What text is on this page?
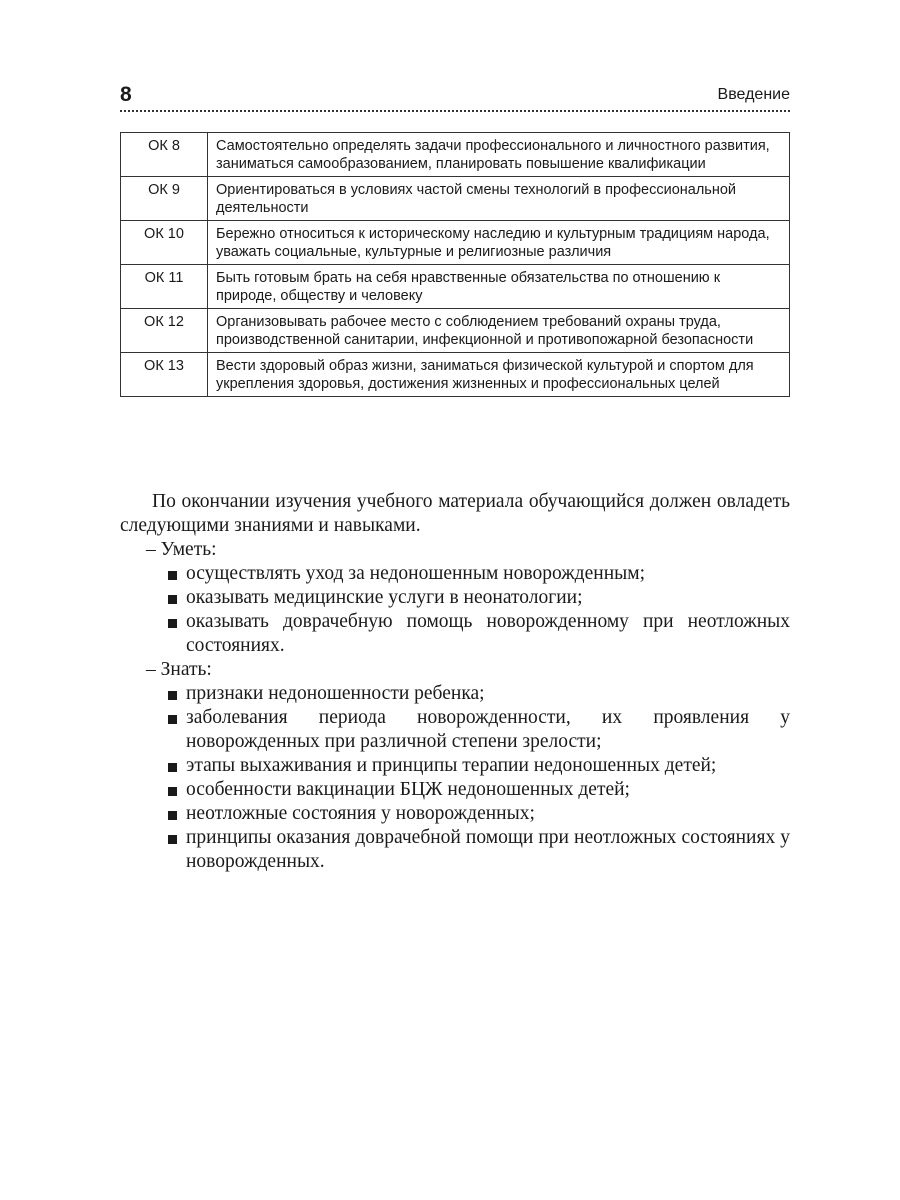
8	Введение
ОК 8	Самостоятельно определять задачи профессионального и личностного развития, заниматься самообразованием, планировать повышение квалификации
ОК 9	Ориентироваться в условиях частой смены технологий в профессиональной деятельности
ОК 10	Бережно относиться к историческому наследию и культурным традициям народа, уважать социальные, культурные и религиозные различия
ОК 11	Быть готовым брать на себя нравственные обязательства по отношению к природе, обществу и человеку
ОК 12	Организовывать рабочее место с соблюдением требований охраны труда, производственной санитарии, инфекционной и противопожарной безопасности
ОК 13	Вести здоровый образ жизни, заниматься физической культурой и спортом для укрепления здоровья, достижения жизненных и профессиональных целей

По окончании изучения учебного материала обучающийся должен овладеть следующими знаниями и навыками.

– Уметь:

осуществлять уход за недоношенным новорожденным;
оказывать медицинские услуги в неонатологии;
оказывать доврачебную помощь новорожденному при неотложных состояниях.

– Знать:

признаки недоношенности ребенка;
заболевания периода новорожденности, их проявления у новорожденных при различной степени зрелости;
этапы выхаживания и принципы терапии недоношенных детей;
особенности вакцинации БЦЖ недоношенных детей;
неотложные состояния у новорожденных;
принципы оказания доврачебной помощи при неотложных состояниях у новорожденных.
